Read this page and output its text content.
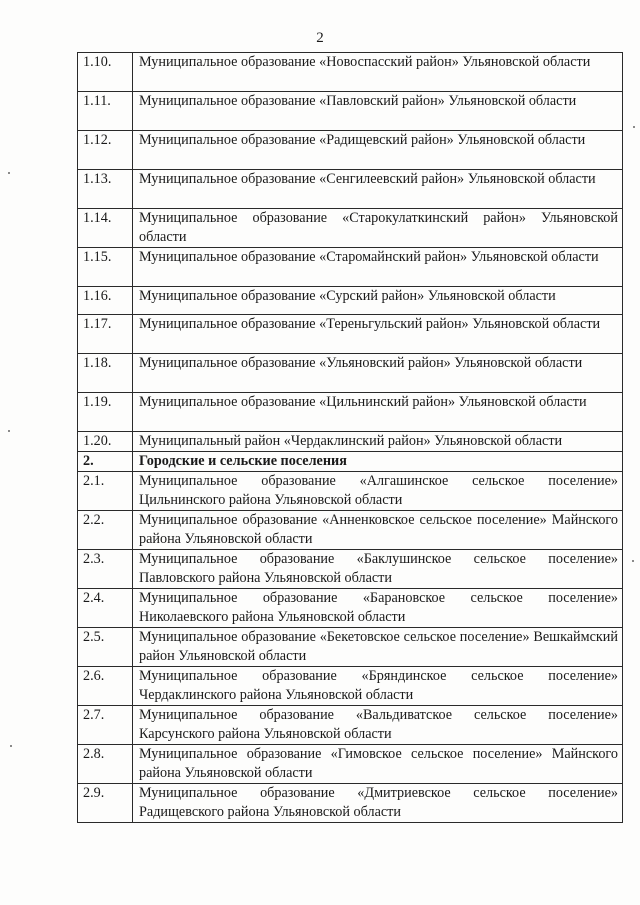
2
1.10.	Муниципальное образование «Новоспасский район» Ульяновской области
1.11.	Муниципальное образование «Павловский район» Ульяновской области
1.12.	Муниципальное образование «Радищевский район» Ульяновской области
1.13.	Муниципальное образование «Сенгилеевский район» Ульяновской области
1.14.	Муниципальное образование «Старокулаткинский район» Ульяновской области
1.15.	Муниципальное образование «Старомайнский район» Ульяновской области
1.16.	Муниципальное образование «Сурский район» Ульяновской области
1.17.	Муниципальное образование «Тереньгульский район» Ульяновской области
1.18.	Муниципальное образование «Ульяновский район» Ульяновской области
1.19.	Муниципальное образование «Цильнинский район» Ульяновской области
1.20.	Муниципальный район «Чердаклинский район» Ульяновской области
2.	Городские и сельские поселения
2.1.	Муниципальное образование «Алгашинское сельское поселение» Цильнинского района Ульяновской области
2.2.	Муниципальное образование «Анненковское сельское поселение» Майнского района Ульяновской области
2.3.	Муниципальное образование «Баклушинское сельское поселение» Павловского района Ульяновской области
2.4.	Муниципальное образование «Барановское сельское поселение» Николаевского района Ульяновской области
2.5.	Муниципальное образование «Бекетовское сельское поселение» Вешкаймский район Ульяновской области
2.6.	Муниципальное образование «Бряндинское сельское поселение» Чердаклинского района Ульяновской области
2.7.	Муниципальное образование «Вальдиватское сельское поселение» Карсунского района Ульяновской области
2.8.	Муниципальное образование «Гимовское сельское поселение» Майнского района Ульяновской области
2.9.	Муниципальное образование «Дмитриевское сельское поселение» Радищевского района Ульяновской области
